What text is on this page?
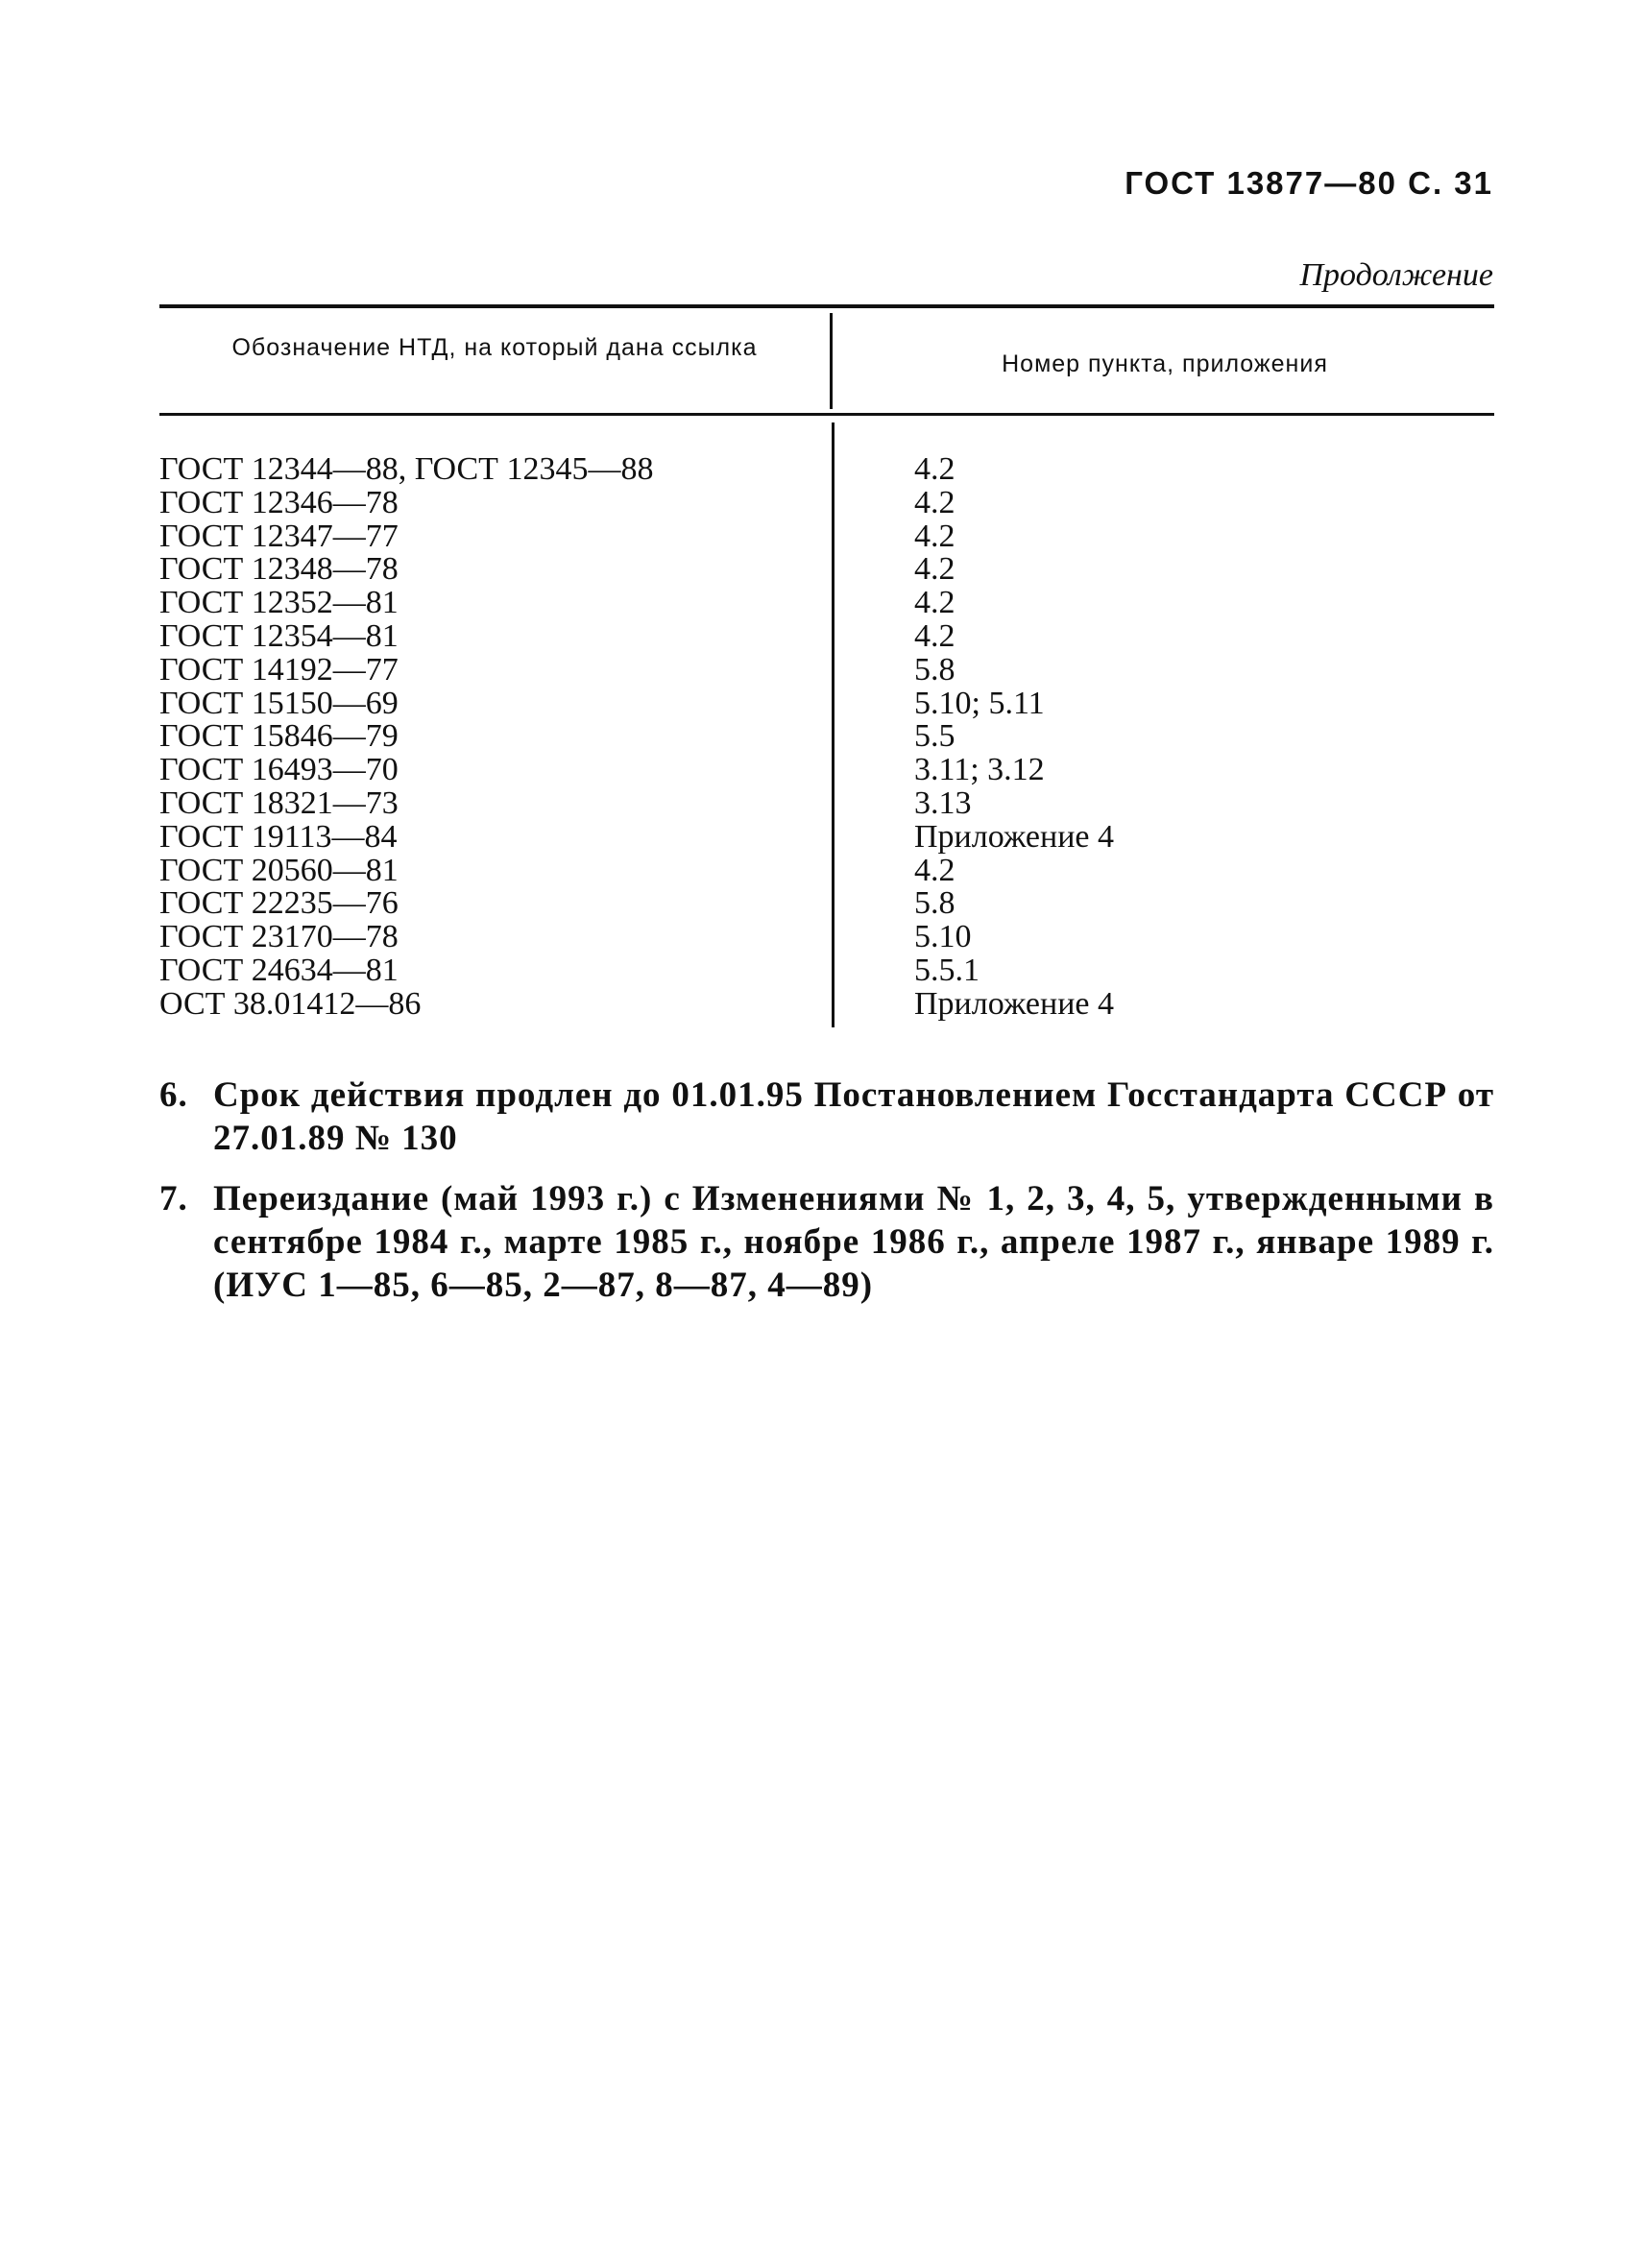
ГОСТ 13877—80 С. 31
Продолжение
Обозначение НТД, на который дана ссылка
Номер пункта, приложения
ГОСТ 12344—88, ГОСТ 12345—88	4.2
ГОСТ 12346—78	4.2
ГОСТ 12347—77	4.2
ГОСТ 12348—78	4.2
ГОСТ 12352—81	4.2
ГОСТ 12354—81	4.2
ГОСТ 14192—77	5.8
ГОСТ 15150—69	5.10; 5.11
ГОСТ 15846—79	5.5
ГОСТ 16493—70	3.11; 3.12
ГОСТ 18321—73	3.13
ГОСТ 19113—84	Приложение 4
ГОСТ 20560—81	4.2
ГОСТ 22235—76	5.8
ГОСТ 23170—78	5.10
ГОСТ 24634—81	5.5.1
ОСТ 38.01412—86	Приложение 4
6. Срок действия продлен до 01.01.95 Постановлением Госстандарта СССР от 27.01.89 № 130
7. Переиздание (май 1993 г.) с Изменениями № 1, 2, 3, 4, 5, утвержденными в сентябре 1984 г., марте 1985 г., ноябре 1986 г., апреле 1987 г., январе 1989 г. (ИУС 1—85, 6—85, 2—87, 8—87, 4—89)
